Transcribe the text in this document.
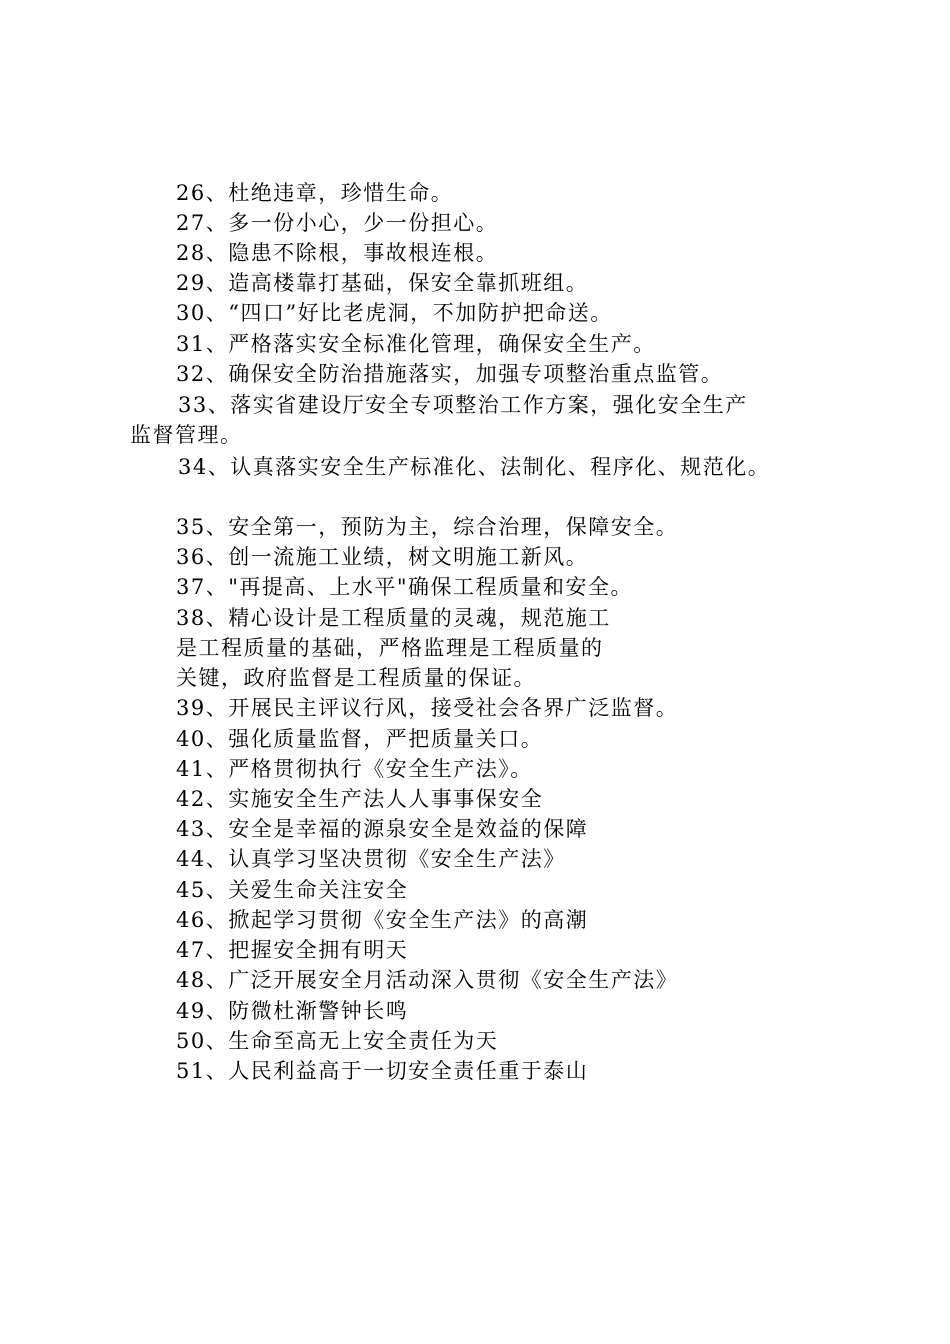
26、杜绝违章，珍惜生命。
27、多一份小心，少一份担心。
28、隐患不除根，事故根连根。
29、造高楼靠打基础，保安全靠抓班组。
30、“四口”好比老虎洞，不加防护把命送。
31、严格落实安全标准化管理，确保安全生产。
32、确保安全防治措施落实，加强专项整治重点监管。
33、落实省建设厅安全专项整治工作方案，强化安全生产
监督管理。
34、认真落实安全生产标准化、法制化、程序化、规范化。
35、安全第一，预防为主，综合治理，保障安全。
36、创一流施工业绩，树文明施工新风。
37、"再提高、上水平"确保工程质量和安全。
38、精心设计是工程质量的灵魂，规范施工
是工程质量的基础，严格监理是工程质量的
关键，政府监督是工程质量的保证。
39、开展民主评议行风，接受社会各界广泛监督。
40、强化质量监督，严把质量关口。
41、严格贯彻执行《安全生产法》。
42、实施安全生产法人人事事保安全
43、安全是幸福的源泉安全是效益的保障
44、认真学习坚决贯彻《安全生产法》
45、关爱生命关注安全
46、掀起学习贯彻《安全生产法》的高潮
47、把握安全拥有明天
48、广泛开展安全月活动深入贯彻《安全生产法》
49、防微杜渐警钟长鸣
50、生命至高无上安全责任为天
51、人民利益高于一切安全责任重于泰山
